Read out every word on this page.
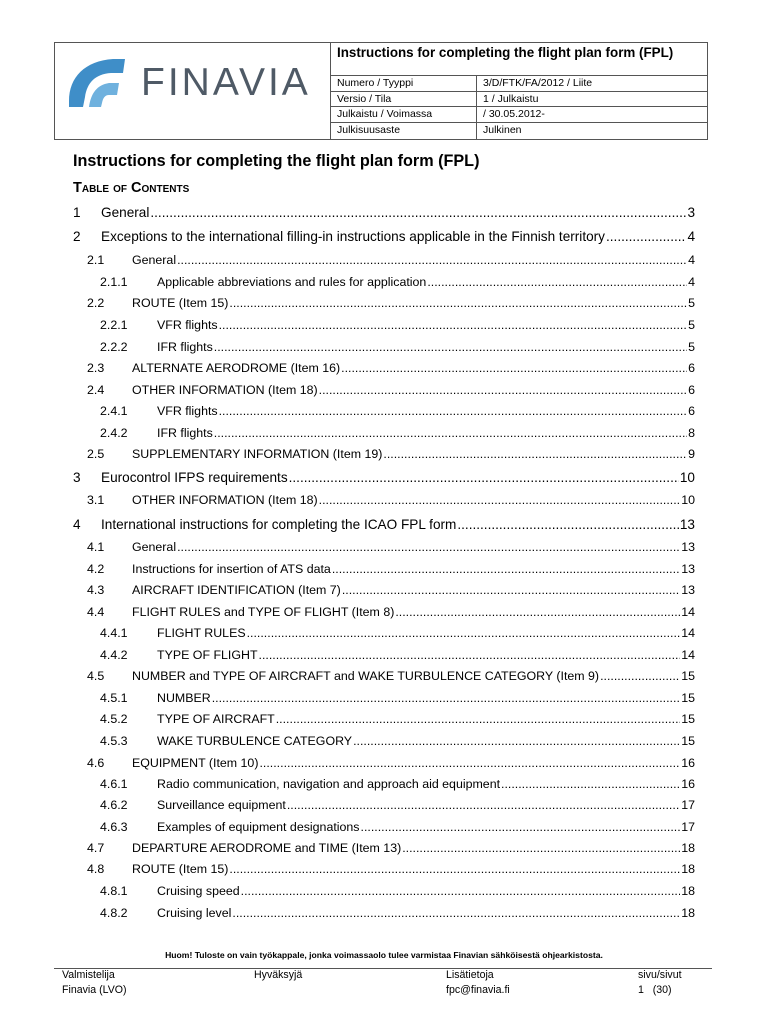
FINAVIA
Instructions for completing the flight plan form (FPL)
Numero / Tyyppi	3/D/FTK/FA/2012 / Liite
Versio / Tila	1 / Julkaistu
Julkaistu / Voimassa	/ 30.05.2012-
Julkisuusaste	Julkinen
Instructions for completing the flight plan form (FPL)
Table of Contents
1	General .....	3
2	Exceptions to the international filling-in instructions applicable in the Finnish territory .....	4
2.1	General .....	4
2.1.1	Applicable abbreviations and rules for application .....	4
2.2	ROUTE (Item 15) .....	5
2.2.1	VFR flights .....	5
2.2.2	IFR flights .....	5
2.3	ALTERNATE AERODROME (Item 16) .....	6
2.4	OTHER INFORMATION (Item 18) .....	6
2.4.1	VFR flights .....	6
2.4.2	IFR flights .....	8
2.5	SUPPLEMENTARY INFORMATION (Item 19) .....	9
3	Eurocontrol IFPS requirements .....	10
3.1	OTHER INFORMATION (Item 18) .....	10
4	International instructions for completing the ICAO FPL form .....	13
4.1	General .....	13
4.2	Instructions for insertion of ATS data .....	13
4.3	AIRCRAFT IDENTIFICATION (Item 7) .....	13
4.4	FLIGHT RULES and TYPE OF FLIGHT (Item 8) .....	14
4.4.1	FLIGHT RULES .....	14
4.4.2	TYPE OF FLIGHT .....	14
4.5	NUMBER and TYPE OF AIRCRAFT and WAKE TURBULENCE CATEGORY (Item 9) .....	15
4.5.1	NUMBER .....	15
4.5.2	TYPE OF AIRCRAFT .....	15
4.5.3	WAKE TURBULENCE CATEGORY .....	15
4.6	EQUIPMENT (Item 10) .....	16
4.6.1	Radio communication, navigation and approach aid equipment .....	16
4.6.2	Surveillance equipment .....	17
4.6.3	Examples of equipment designations .....	17
4.7	DEPARTURE AERODROME and TIME (Item 13) .....	18
4.8	ROUTE (Item 15) .....	18
4.8.1	Cruising speed .....	18
4.8.2	Cruising level .....	18
Huom! Tuloste on vain työkappale, jonka voimassaolo tulee varmistaa Finavian sähköisestä ohjearkistosta.
Valmistelija
Finavia (LVO)
Hyväksyjä	Lisätietoja
fpc@finavia.fi
sivu/sivut
1   (30)
